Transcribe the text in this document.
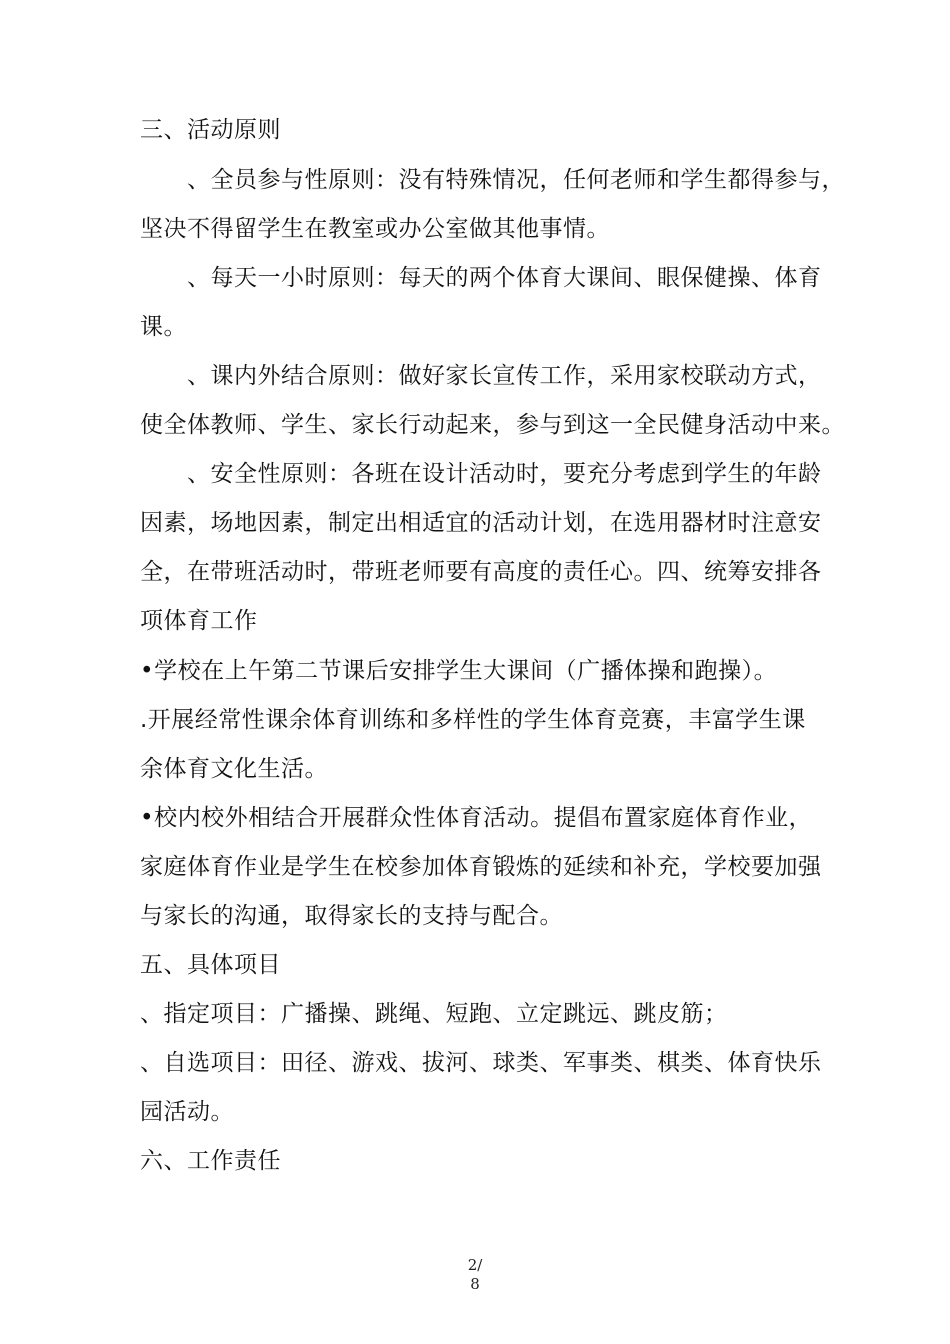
三、活动原则
　　、全员参与性原则：没有特殊情况，任何老师和学生都得参与，
坚决不得留学生在教室或办公室做其他事情。
　　、每天一小时原则：每天的两个体育大课间、眼保健操、体育
课。
　　、课内外结合原则：做好家长宣传工作，采用家校联动方式，
使全体教师、学生、家长行动起来，参与到这一全民健身活动中来。
　　、安全性原则：各班在设计活动时，要充分考虑到学生的年龄
因素，场地因素，制定出相适宜的活动计划，在选用器材时注意安
全，在带班活动时，带班老师要有高度的责任心。四、统筹安排各
项体育工作
•学校在上午第二节课后安排学生大课间（广播体操和跑操）。
.开展经常性课余体育训练和多样性的学生体育竞赛，丰富学生课
余体育文化生活。
•校内校外相结合开展群众性体育活动。提倡布置家庭体育作业，
家庭体育作业是学生在校参加体育锻炼的延续和补充，学校要加强
与家长的沟通，取得家长的支持与配合。
五、具体项目
、指定项目：广播操、跳绳、短跑、立定跳远、跳皮筋；
、自选项目：田径、游戏、拔河、球类、军事类、棋类、体育快乐
园活动。
六、工作责任
2/
8
